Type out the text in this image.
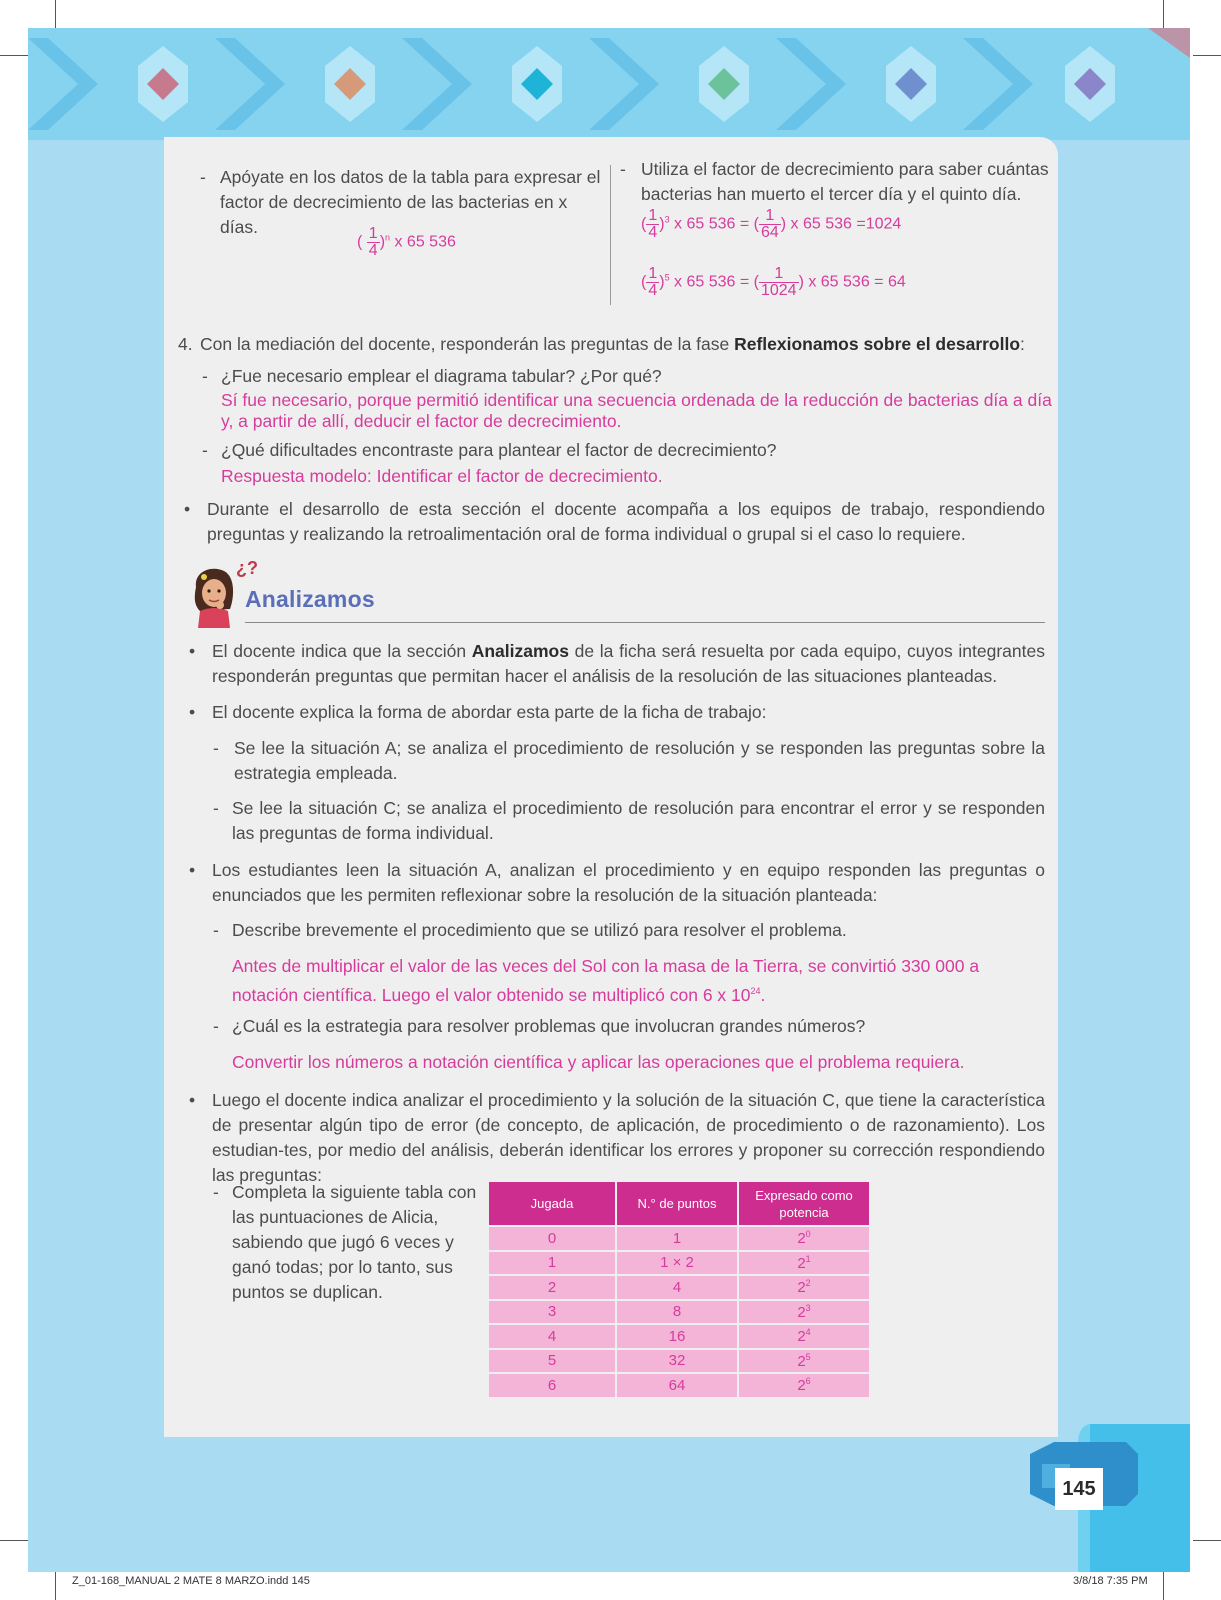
- Apóyate en los datos de la tabla para expresar el factor de decrecimiento de las bacterias en x días.
( $\frac{1}{4} )^n$ x 65 536
- Utiliza el factor de decrecimiento para saber cuántas bacterias han muerto el tercer día y el quinto día.
( $\frac{1}{4} )^3$ x 65 536 = ( $\frac{1}{64}$ ) x 65 536 =1024
( $\frac{1}{4} )^5$ x 65 536 = ( $\frac{1}{1024}$ ) x 65 536 = 64
4. Con la mediación del docente, responderán las preguntas de la fase Reflexionamos sobre el desarrollo:
- ¿Fue necesario emplear el diagrama tabular? ¿Por qué?
Sí fue necesario, porque permitió identificar una secuencia ordenada de la reducción de bacterias día a día y, a partir de allí, deducir el factor de decrecimiento.
- ¿Qué dificultades encontraste para plantear el factor de decrecimiento?
Respuesta modelo: Identificar el factor de decrecimiento.
• Durante el desarrollo de esta sección el docente acompaña a los equipos de trabajo, respondiendo preguntas y realizando la retroalimentación oral de forma individual o grupal si el caso lo requiere.
¿?
Analizamos
• El docente indica que la sección Analizamos de la ficha será resuelta por cada equipo, cuyos integrantes responderán preguntas que permitan hacer el análisis de la resolución de las situaciones planteadas.
• El docente explica la forma de abordar esta parte de la ficha de trabajo:
- Se lee la situación A; se analiza el procedimiento de resolución y se responden las preguntas sobre la estrategia empleada.
- Se lee la situación C; se analiza el procedimiento de resolución para encontrar el error y se responden las preguntas de forma individual.
• Los estudiantes leen la situación A, analizan el procedimiento y en equipo responden las preguntas o enunciados que les permiten reflexionar sobre la resolución de la situación planteada:
- Describe brevemente el procedimiento que se utilizó para resolver el problema.
Antes de multiplicar el valor de las veces del Sol con la masa de la Tierra, se convirtió 330 000 a notación científica. Luego el valor obtenido se multiplicó con 6 x $10^{24}$.
- ¿Cuál es la estrategia para resolver problemas que involucran grandes números?
Convertir los números a notación científica y aplicar las operaciones que el problema requiera.
• Luego el docente indica analizar el procedimiento y la solución de la situación C, que tiene la característica de presentar algún tipo de error (de concepto, de aplicación, de procedimiento o de razonamiento). Los estudian-tes, por medio del análisis, deberán identificar los errores y proponer su corrección respondiendo las preguntas:
- Completa la siguiente tabla con las puntuaciones de Alicia, sabiendo que jugó 6 veces y ganó todas; por lo tanto, sus puntos se duplican.
Jugada	N.° de puntos	Expresado como potencia
0	1	$2^0$
1	1 × 2	$2^1$
2	4	$2^2$
3	8	$2^3$
4	16	$2^4$
5	32	$2^5$
6	64	$2^6$
145
Z_01-168_MANUAL 2 MATE 8 MARZO.indd 145	3/8/18 7:35 PM
